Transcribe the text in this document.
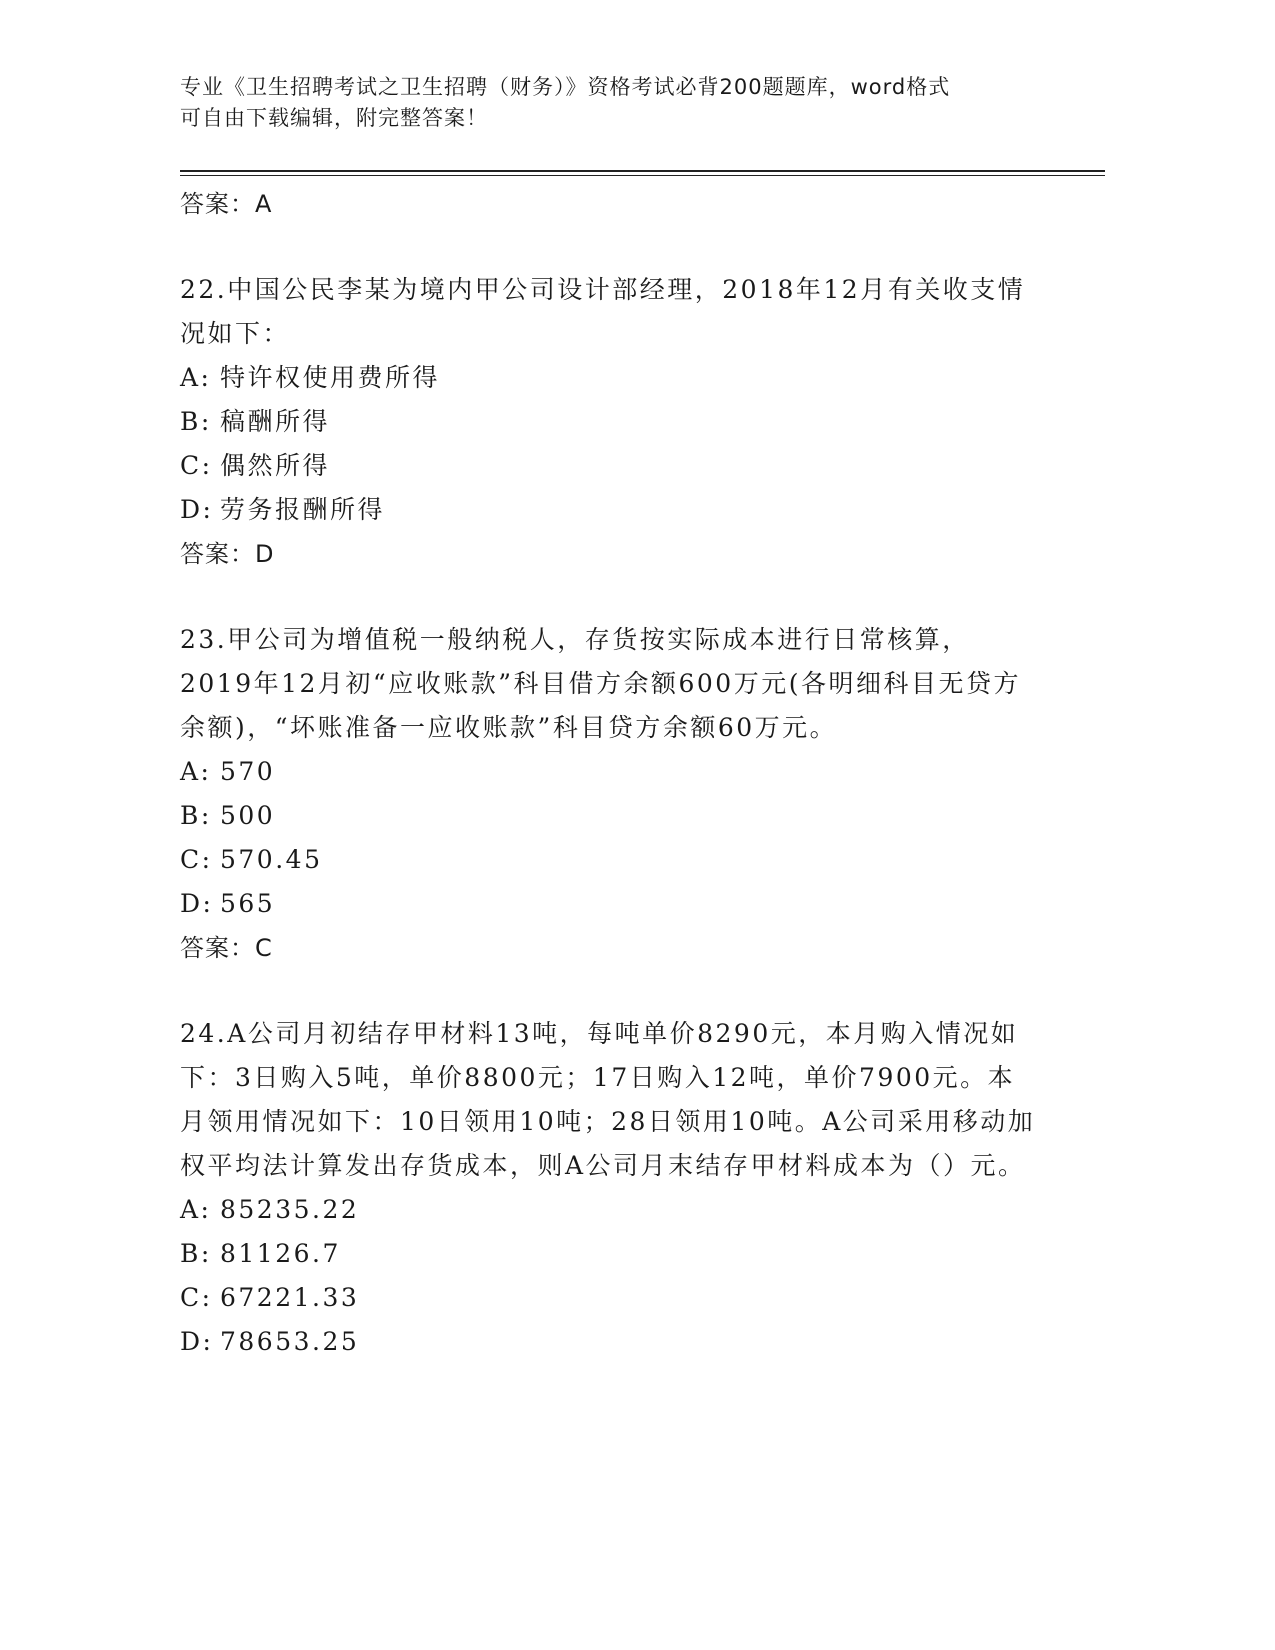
专业《卫生招聘考试之卫生招聘（财务）》资格考试必背200题题库，word格式
可自由下载编辑，附完整答案！
答案：A
22.中国公民李某为境内甲公司设计部经理，2018年12月有关收支情况如下：
A: 特许权使用费所得
B: 稿酬所得
C: 偶然所得
D: 劳务报酬所得
答案：D
23.甲公司为增值税一般纳税人，存货按实际成本进行日常核算，2019年12月初“应收账款”科目借方余额600万元(各明细科目无贷方余额)，“坏账准备一应收账款”科目贷方余额60万元。
A: 570
B: 500
C: 570.45
D: 565
答案：C
24.A公司月初结存甲材料13吨，每吨单价8290元，本月购入情况如下：3日购入5吨，单价8800元；17日购入12吨，单价7900元。本月领用情况如下：10日领用10吨；28日领用10吨。A公司采用移动加权平均法计算发出存货成本，则A公司月末结存甲材料成本为（）元。
A: 85235.22
B: 81126.7
C: 67221.33
D: 78653.25
